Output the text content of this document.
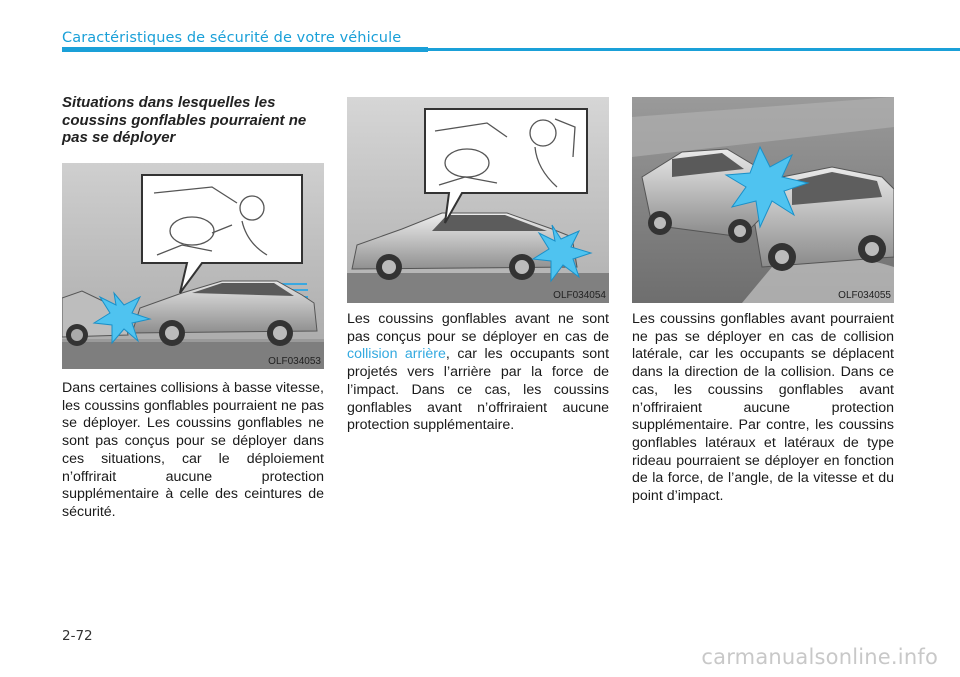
Caractéristiques de sécurité de votre véhicule
Situations dans lesquelles les coussins gonflables pourraient ne pas se déployer
OLF034053
OLF034054	OLF034055

Dans certaines collisions à basse vitesse, les coussins gonflables pourraient ne pas se déployer. Les coussins gonflables ne sont pas conçus pour se déployer dans ces situations, car le déploiement n’offrirait aucune protection supplémentaire à celle des ceintures de sécurité.

Les coussins gonflables avant ne sont pas conçus pour se déployer en cas de collision arrière, car les occupants sont projetés vers l’arrière par la force de l’impact. Dans ce cas, les coussins gonflables avant n’offriraient aucune protection supplémentaire.

Les coussins gonflables avant pourraient ne pas se déployer en cas de collision latérale, car les occupants se déplacent dans la direction de la collision. Dans ce cas, les coussins gonflables avant n’offriraient aucune protection supplémentaire. Par contre, les coussins gonflables latéraux et latéraux de type rideau pourraient se déployer en fonction de la force, de l’angle, de la vitesse et du point d’impact.

2-72
carmanualsonline.info
